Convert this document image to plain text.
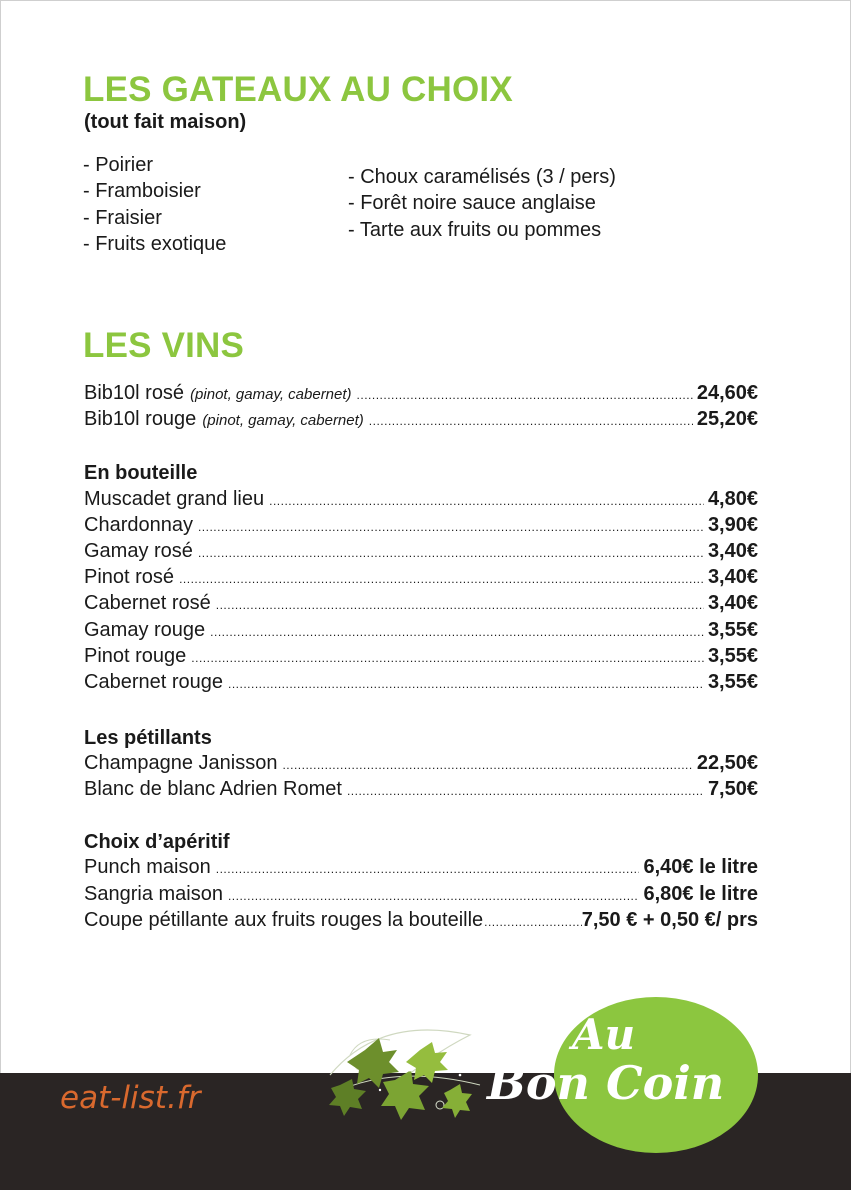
LES GATEAUX AU CHOIX

(tout fait maison)

- Poirier
- Framboisier
- Fraisier
- Fruits exotique
- Choux caramélisés (3 / pers)
- Forêt noire sauce anglaise
- Tarte aux fruits ou pommes
LES VINS
Bib10l rosé (pinot, gamay, cabernet) .....	24,60€
Bib10l rouge (pinot, gamay, cabernet) .....	25,20€
En bouteille
Muscadet grand lieu .....	4,80€
Chardonnay .....	3,90€
Gamay rosé .....	3,40€
Pinot rosé .....	3,40€
Cabernet rosé .....	3,40€
Gamay rouge .....	3,55€
Pinot rouge .....	3,55€
Cabernet rouge .....	3,55€
Les pétillants
Champagne Janisson .....	22,50€
Blanc de blanc Adrien Romet .....	7,50€
Choix d’apéritif
Punch maison .....	6,40€ le litre
Sangria maison .....	6,80€ le litre
Coupe pétillante aux fruits rouges la bouteille .....	7,50 € + 0,50 €/ prs
eat-list.fr
Au
Bon Coin
